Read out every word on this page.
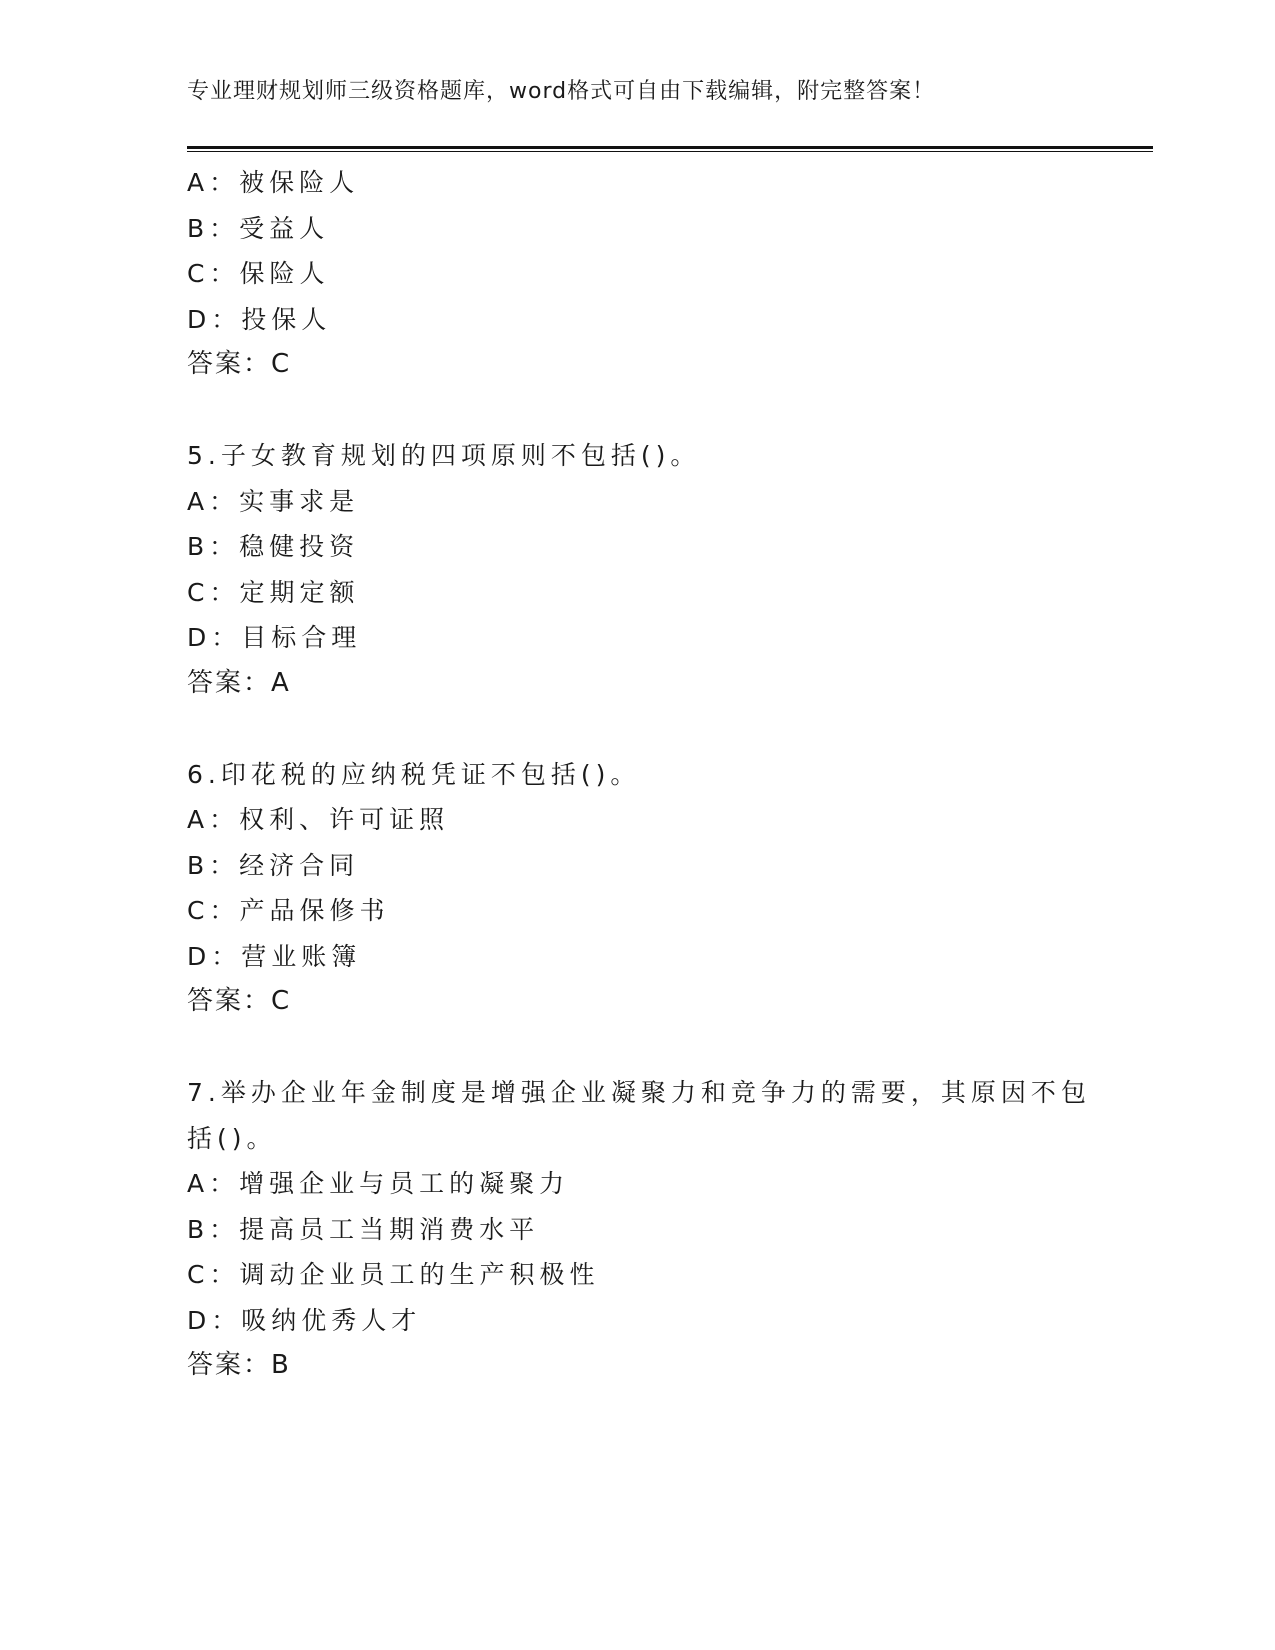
专业理财规划师三级资格题库，word格式可自由下载编辑，附完整答案！
A：被保险人
B：受益人
C：保险人
D：投保人
答案：C
5.子女教育规划的四项原则不包括()。
A：实事求是
B：稳健投资
C：定期定额
D：目标合理
答案：A
6.印花税的应纳税凭证不包括()。
A：权利、许可证照
B：经济合同
C：产品保修书
D：营业账簿
答案：C
7.举办企业年金制度是增强企业凝聚力和竞争力的需要，其原因不包
括()。
A：增强企业与员工的凝聚力
B：提高员工当期消费水平
C：调动企业员工的生产积极性
D：吸纳优秀人才
答案：B
